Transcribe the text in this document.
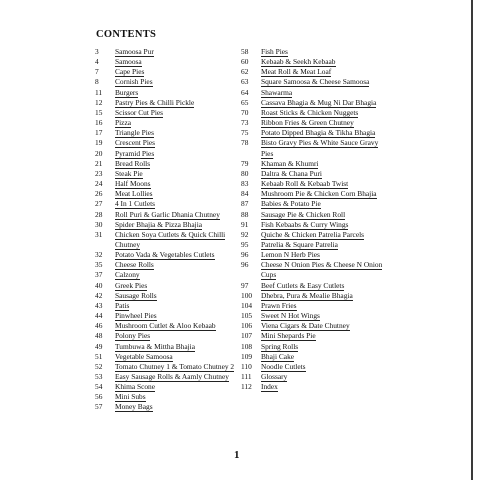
CONTENTS
3	Samoosa Pur
4	Samoosa
7	Cape Pies
8	Cornish Pies
11	Burgers
12	Pastry Pies & Chilli Pickle
15	Scissor Cut Pies
16	Pizza
17	Triangle Pies
19	Crescent Pies
20	Pyramid Pies
21	Bread Rolls
23	Steak Pie
24	Half Moons
26	Meat Lollies
27	4 In 1 Cutlets
28	Roll Puri & Garlic Dhania Chutney
30	Spider Bhajia & Pizza Bhajia
31	Chicken Soya Cutlets & Quick Chilli Chutney
32	Potato Vada & Vegetables Cutlets
35	Cheese Rolls
37	Calzony
40	Greek Pies
42	Sausage Rolls
43	Patis
44	Pinwheel Pies
46	Mushroom Cutlet & Aloo Kebaab
48	Polony Pies
49	Tumbuwa & Mittha Bhajia
51	Vegetable Samoosa
52	Tomato Chutney 1 & Tomato Chutney 2
53	Easy Sausage Rolls & Aamly Chutney
54	Khima Scone
56	Mini Subs
57	Money Bags
58	Fish Pies
60	Kebaab & Seekh Kebaab
62	Meat Roll & Meat Loaf
63	Square Samoosa & Cheese Samoosa
64	Shawarma
65	Cassava Bhagia & Mug Ni Dar Bhagia
70	Roast Sticks & Chicken Nuggets
73	Ribbon Fries & Green Chutney
75	Potato Dipped Bhagia & Tikha Bhagia
78	Bisto Gravy Pies & White Sauce Gravy Pies
79	Khaman & Khumri
80	Daltra & Chana Puri
83	Kebaab Roll & Kebaab Twist
84	Mushroom Pie & Chicken Corn Bhajia
87	Babies & Potato Pie
88	Sausage Pie & Chicken Roll
91	Fish Kebaabs & Curry Wings
92	Quiche & Chicken Patrelia Parcels
95	Patrelia & Square Patrelia
96	Lemon N Herb Pies
96	Cheese N Onion Pies & Cheese N Onion Cups
97	Beef Cutlets & Easy Cutlets
100	Dhebra, Pura & Mealie Bhagia
104	Prawn Fries
105	Sweet N Hot Wings
106	Viena Cigars & Date Chutney
107	Mini Shepards Pie
108	Spring Rolls
109	Bhaji Cake
110	Noodle Cutlets
111	Glossary
112	Index
1
